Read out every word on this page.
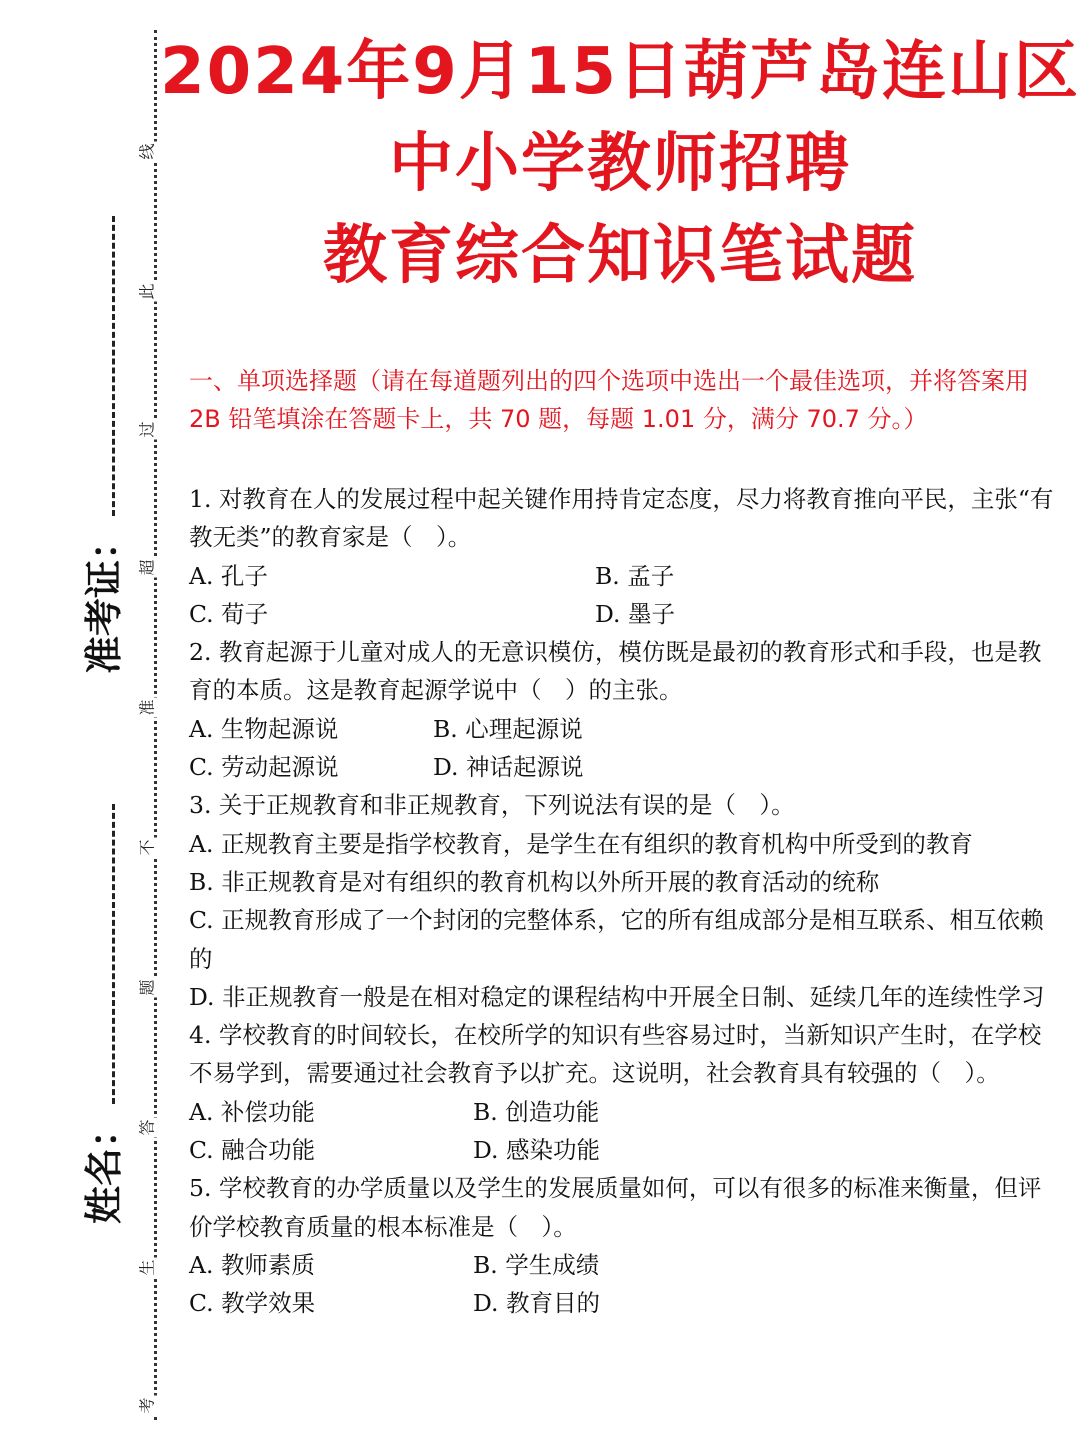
姓名：
准考证：
线
此
过
超
准
不
题
答
生
考
2024年9月15日葫芦岛连山区
中小学教师招聘
教育综合知识笔试题
一、单项选择题（请在每道题列出的四个选项中选出一个最佳选项，并将答案用 2B 铅笔填涂在答题卡上，共 70 题，每题 1.01 分，满分 70.7 分。）

1. 对教育在人的发展过程中起关键作用持肯定态度，尽力将教育推向平民，主张“有教无类”的教育家是（　）。

A. 孔子	B. 孟子
C. 荀子	D. 墨子

2. 教育起源于儿童对成人的无意识模仿，模仿既是最初的教育形式和手段，也是教育的本质。这是教育起源学说中（　）的主张。

A. 生物起源说	B. 心理起源说
C. 劳动起源说	D. 神话起源说

3. 关于正规教育和非正规教育，下列说法有误的是（　）。

A. 正规教育主要是指学校教育，是学生在有组织的教育机构中所受到的教育

B. 非正规教育是对有组织的教育机构以外所开展的教育活动的统称

C. 正规教育形成了一个封闭的完整体系，它的所有组成部分是相互联系、相互依赖的

D. 非正规教育一般是在相对稳定的课程结构中开展全日制、延续几年的连续性学习

4. 学校教育的时间较长，在校所学的知识有些容易过时，当新知识产生时，在学校不易学到，需要通过社会教育予以扩充。这说明，社会教育具有较强的（　）。

A. 补偿功能	B. 创造功能
C. 融合功能	D. 感染功能

5. 学校教育的办学质量以及学生的发展质量如何，可以有很多的标准来衡量，但评价学校教育质量的根本标准是（　）。

A. 教师素质	B. 学生成绩
C. 教学效果	D. 教育目的
